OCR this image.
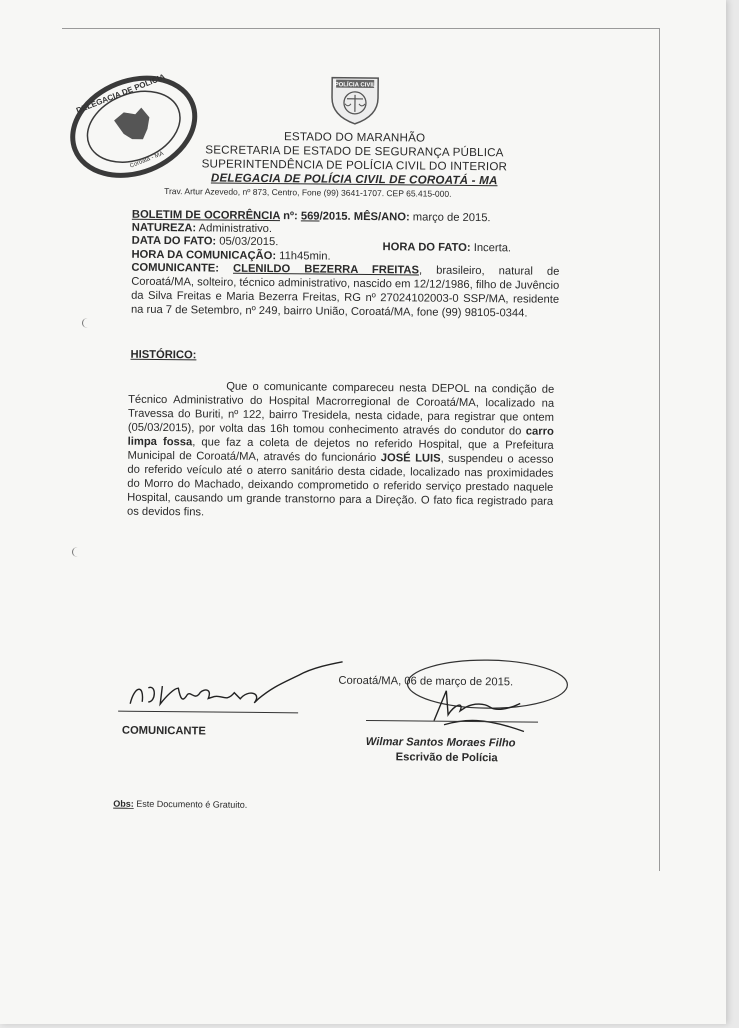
POLÍCIA CIVIL
DELEGACIA DE POLICIA
Coroatá - MA
ESTADO DO MARANHÃO
SECRETARIA DE ESTADO DE SEGURANÇA PÚBLICA
SUPERINTENDÊNCIA DE POLÍCIA CIVIL DO INTERIOR
DELEGACIA DE POLÍCIA CIVIL DE COROATÁ - MA
Trav. Artur Azevedo, nº 873, Centro, Fone (99) 3641-1707. CEP 65.415-000.
BOLETIM DE OCORRÊNCIA nº: 569/2015. MÊS/ANO: março de 2015.
NATUREZA: Administrativo.
DATA DO FATO: 05/03/2015.	HORA DO FATO: Incerta.
HORA DA COMUNICAÇÃO: 11h45min.
COMUNICANTE: CLENILDO BEZERRA FREITAS, brasileiro, natural de Coroatá/MA, solteiro, técnico administrativo, nascido em 12/12/1986, filho de Juvêncio da Silva Freitas e Maria Bezerra Freitas, RG nº 27024102003-0 SSP/MA, residente na rua 7 de Setembro, nº 249, bairro União, Coroatá/MA, fone (99) 98105-0344.
HISTÓRICO:
Que o comunicante compareceu nesta DEPOL na condição de Técnico Administrativo do Hospital Macrorregional de Coroatá/MA, localizado na Travessa do Buriti, nº 122, bairro Tresidela, nesta cidade, para registrar que ontem (05/03/2015), por volta das 16h tomou conhecimento através do condutor do carro limpa fossa, que faz a coleta de dejetos no referido Hospital, que a Prefeitura Municipal de Coroatá/MA, através do funcionário JOSÉ LUIS, suspendeu o acesso do referido veículo até o aterro sanitário desta cidade, localizado nas proximidades do Morro do Machado, deixando comprometido o referido serviço prestado naquele Hospital, causando um grande transtorno para a Direção. O fato fica registrado para os devidos fins.
Coroatá/MA, 06 de março de 2015.
COMUNICANTE
Wilmar Santos Moraes Filho
Escrivão de Polícia
Obs: Este Documento é Gratuito.
